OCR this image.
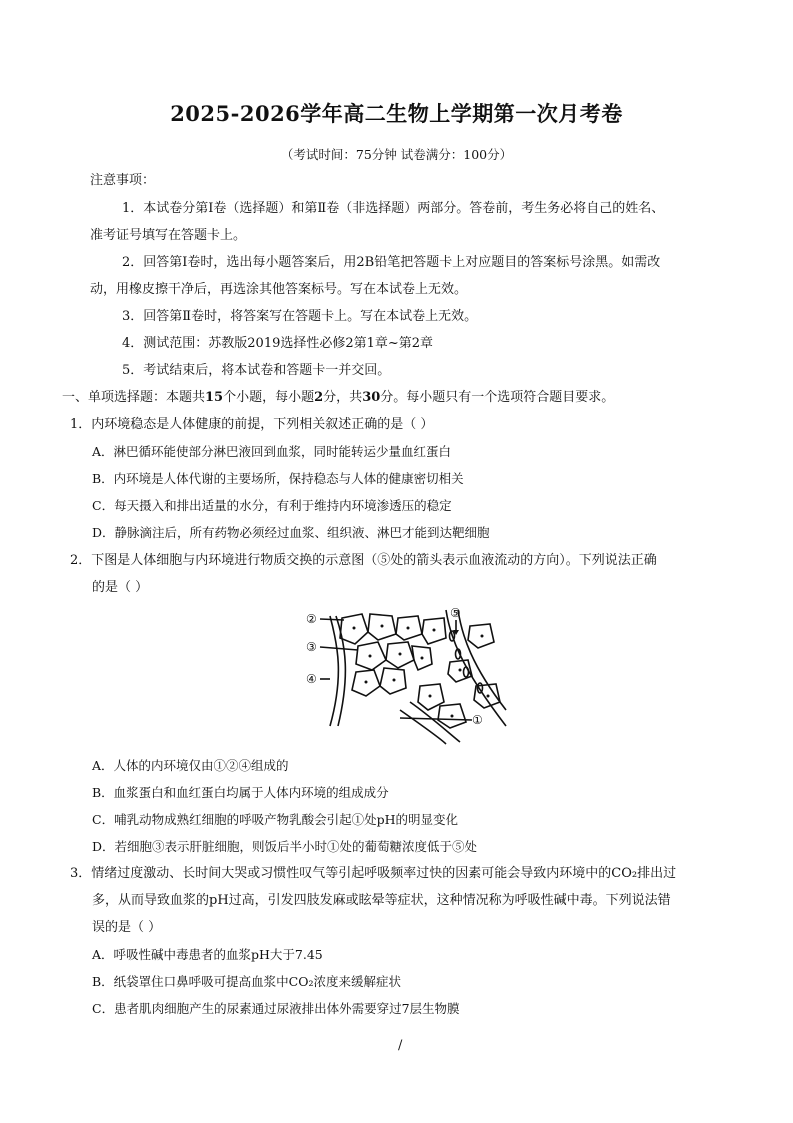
2025-2026学年高二生物上学期第一次月考卷
（考试时间：75分钟 试卷满分：100分）
注意事项：
1．本试卷分第Ⅰ卷（选择题）和第Ⅱ卷（非选择题）两部分。答卷前，考生务必将自己的姓名、
准考证号填写在答题卡上。
2．回答第Ⅰ卷时，选出每小题答案后，用2B铅笔把答题卡上对应题目的答案标号涂黑。如需改
动，用橡皮擦干净后，再选涂其他答案标号。写在本试卷上无效。
3．回答第Ⅱ卷时，将答案写在答题卡上。写在本试卷上无效。
4．测试范围：苏教版2019选择性必修2第1章~第2章
5．考试结束后，将本试卷和答题卡一并交回。
一、单项选择题：本题共15个小题，每小题2分，共30分。每小题只有一个选项符合题目要求。
1．内环境稳态是人体健康的前提，下列相关叙述正确的是（ ）
A．淋巴循环能使部分淋巴液回到血浆，同时能转运少量血红蛋白
B．内环境是人体代谢的主要场所，保持稳态与人体的健康密切相关
C．每天摄入和排出适量的水分，有利于维持内环境渗透压的稳定
D．静脉滴注后，所有药物必须经过血浆、组织液、淋巴才能到达靶细胞
2．下图是人体细胞与内环境进行物质交换的示意图（⑤处的箭头表示血液流动的方向）。下列说法正确
的是（ ）
②
③
④
⑤
①
A．人体的内环境仅由①②④组成的
B．血浆蛋白和血红蛋白均属于人体内环境的组成成分
C．哺乳动物成熟红细胞的呼吸产物乳酸会引起①处pH的明显变化
D．若细胞③表示肝脏细胞，则饭后半小时①处的葡萄糖浓度低于⑤处
3．情绪过度激动、长时间大哭或习惯性叹气等引起呼吸频率过快的因素可能会导致内环境中的CO₂排出过
多，从而导致血浆的pH过高，引发四肢发麻或眩晕等症状，这种情况称为呼吸性碱中毒。下列说法错
误的是（ ）
A．呼吸性碱中毒患者的血浆pH大于7.45
B．纸袋罩住口鼻呼吸可提高血浆中CO₂浓度来缓解症状
C．患者肌肉细胞产生的尿素通过尿液排出体外需要穿过7层生物膜
/
